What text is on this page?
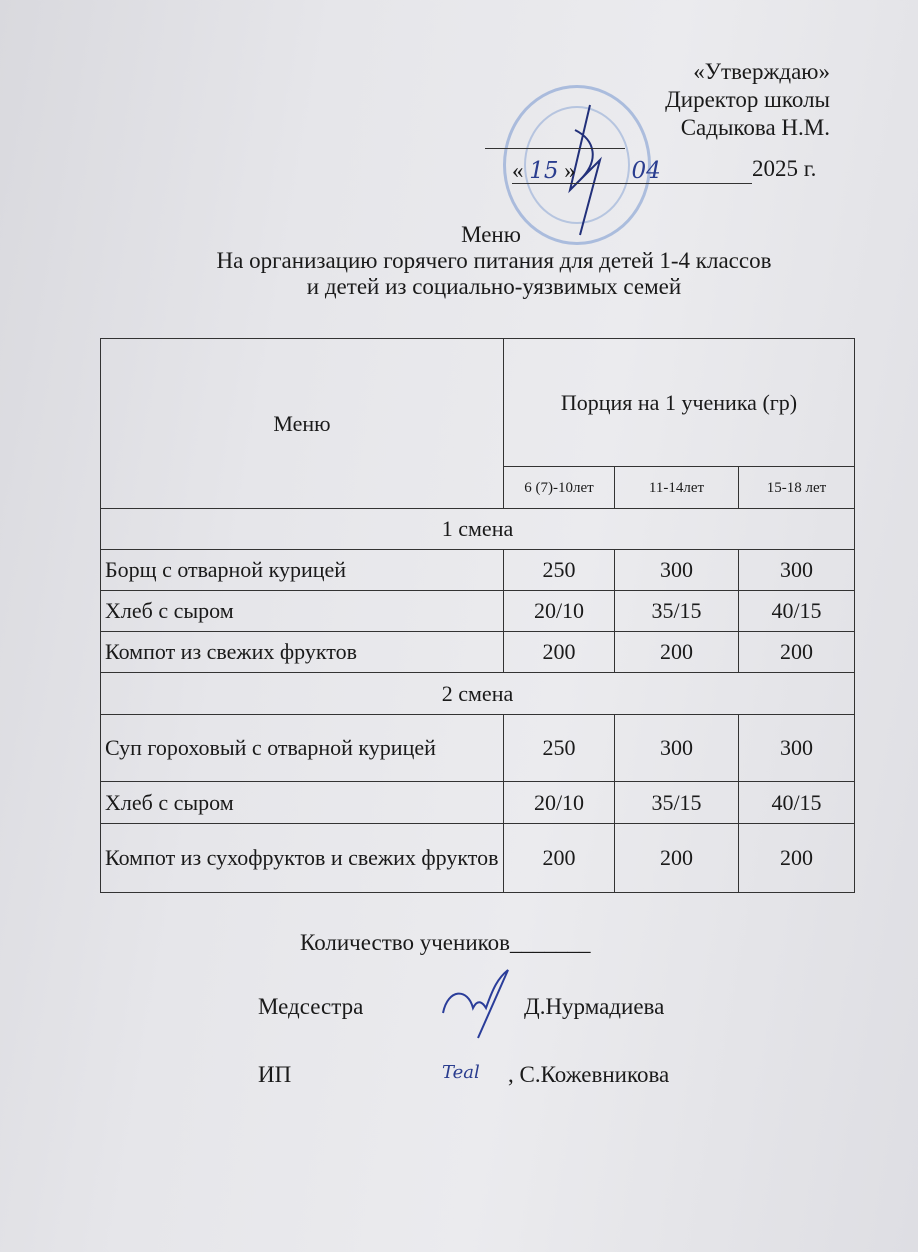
«Утверждаю»
Директор школы
Садыкова Н.М.
« 15 » 04	2025 г.
Меню
На организацию горячего питания для детей 1-4 классов
и детей из социально-уязвимых семей
Меню	Порция на 1 ученика (гр)		
	6 (7)-10лет	11-14лет	15-18 лет
1 смена			
Борщ с отварной курицей	250	300	300
Хлеб с сыром	20/10	35/15	40/15
Компот из свежих фруктов	200	200	200
2 смена			
Суп гороховый с отварной курицей	250	300	300
Хлеб с сыром	20/10	35/15	40/15
Компот из сухофруктов и свежих фруктов	200	200	200
Количество учеников_______
Медсестра	Д.Нурмадиева
ИП	Teal , С.Кожевникова
